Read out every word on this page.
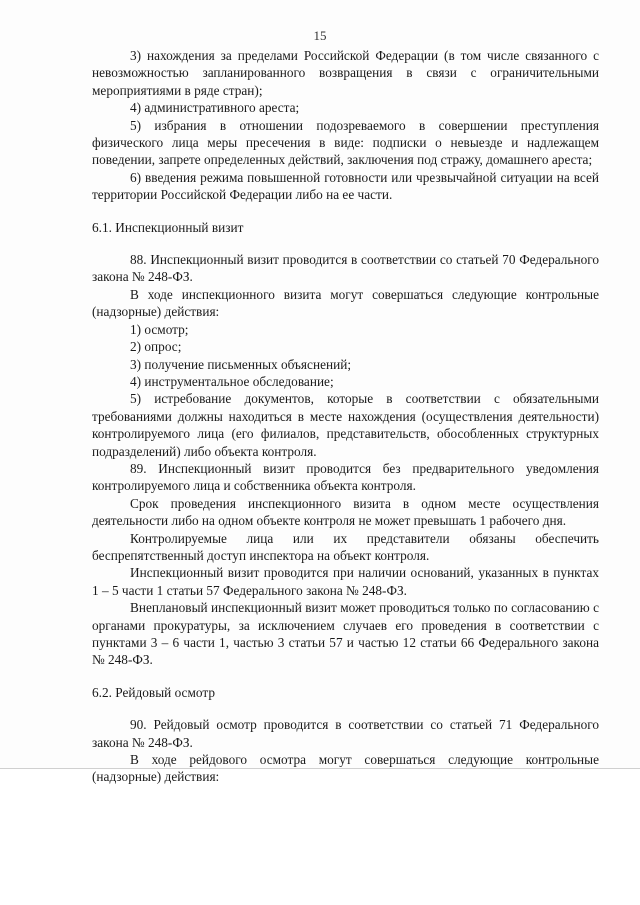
15

3) нахождения за пределами Российской Федерации (в том числе связанного с невозможностью запланированного возвращения в связи с ограничительными мероприятиями в ряде стран);

4) административного ареста;

5) избрания в отношении подозреваемого в совершении преступления физического лица меры пресечения в виде: подписки о невыезде и надлежащем поведении, запрете определенных действий, заключения под стражу, домашнего ареста;

6) введения режима повышенной готовности или чрезвычайной ситуации на всей территории Российской Федерации либо на ее части.

6.1. Инспекционный визит

88. Инспекционный визит проводится в соответствии со статьей 70 Федерального закона № 248-ФЗ.

В ходе инспекционного визита могут совершаться следующие контрольные (надзорные) действия:

1) осмотр;

2) опрос;

3) получение письменных объяснений;

4) инструментальное обследование;

5) истребование документов, которые в соответствии с обязательными требованиями должны находиться в месте нахождения (осуществления деятельности) контролируемого лица (его филиалов, представительств, обособленных структурных подразделений) либо объекта контроля.

89. Инспекционный визит проводится без предварительного уведомления контролируемого лица и собственника объекта контроля.

Срок проведения инспекционного визита в одном месте осуществления деятельности либо на одном объекте контроля не может превышать 1 рабочего дня.

Контролируемые лица или их представители обязаны обеспечить беспрепятственный доступ инспектора на объект контроля.

Инспекционный визит проводится при наличии оснований, указанных в пунктах 1 – 5 части 1 статьи 57 Федерального закона № 248-ФЗ.

Внеплановый инспекционный визит может проводиться только по согласованию с органами прокуратуры, за исключением случаев его проведения в соответствии с пунктами 3 – 6 части 1, частью 3 статьи 57 и частью 12 статьи 66 Федерального закона № 248-ФЗ.

6.2. Рейдовый осмотр

90. Рейдовый осмотр проводится в соответствии со статьей 71 Федерального закона № 248-ФЗ.

В ходе рейдового осмотра могут совершаться следующие контрольные (надзорные) действия:
